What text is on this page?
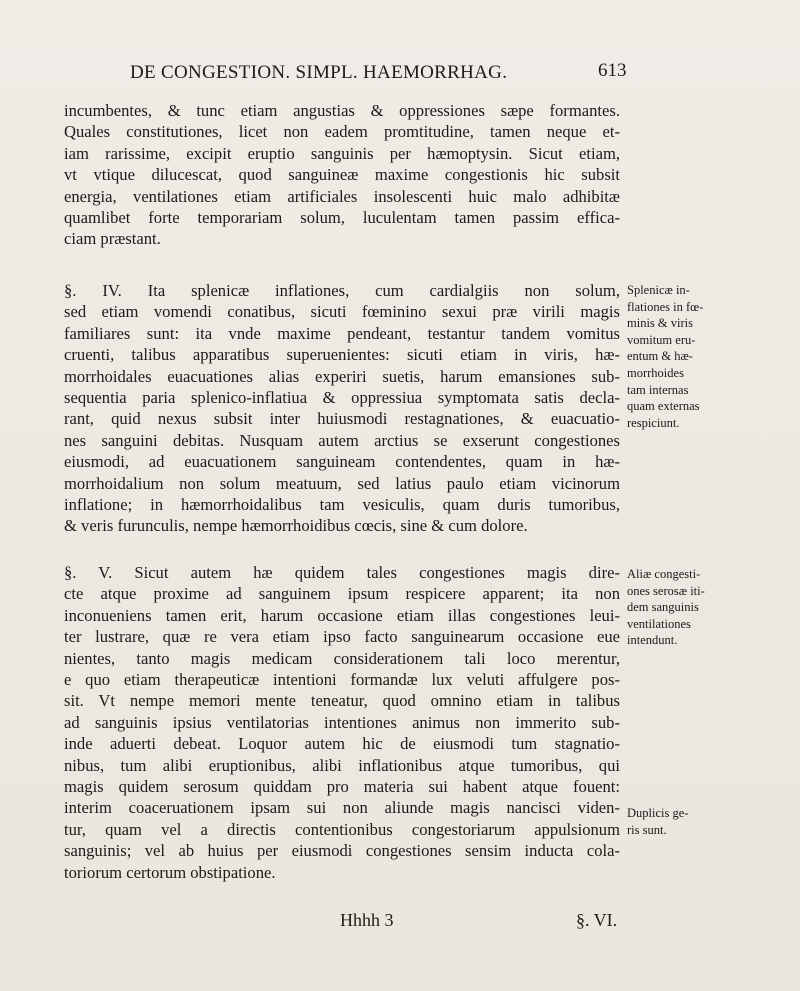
DE CONGESTION. SIMPL. HAEMORRHAG.	613
incumbentes, & tunc etiam angustias & oppressiones sæpe formantes.
Quales constitutiones, licet non eadem promtitudine, tamen neque et-
iam rarissime, excipit eruptio sanguinis per hæmoptysin. Sicut etiam,
vt vtique dilucescat, quod sanguineæ maxime congestionis hic subsit
energia, ventilationes etiam artificiales insolescenti huic malo adhibitæ
quamlibet forte temporariam solum, luculentam tamen passim effica-
ciam præstant.
§. IV. Ita splenicæ inflationes, cum cardialgiis non solum,
sed etiam vomendi conatibus, sicuti fœminino sexui præ virili magis
familiares sunt: ita vnde maxime pendeant, testantur tandem vomitus
cruenti, talibus apparatibus superuenientes: sicuti etiam in viris, hæ-
morrhoidales euacuationes alias experiri suetis, harum emansiones sub-
sequentia paria splenico-inflatiua & oppressiua symptomata satis decla-
rant, quid nexus subsit inter huiusmodi restagnationes, & euacuatio-
nes sanguini debitas. Nusquam autem arctius se exserunt congestiones
eiusmodi, ad euacuationem sanguineam contendentes, quam in hæ-
morrhoidalium non solum meatuum, sed latius paulo etiam vicinorum
inflatione; in hæmorrhoidalibus tam vesiculis, quam duris tumoribus,
& veris furunculis, nempe hæmorrhoidibus cœcis, sine & cum dolore.
§. V. Sicut autem hæ quidem tales congestiones magis dire-
cte atque proxime ad sanguinem ipsum respicere apparent; ita non
inconueniens tamen erit, harum occasione etiam illas congestiones leui-
ter lustrare, quæ re vera etiam ipso facto sanguinearum occasione eue
nientes, tanto magis medicam considerationem tali loco merentur,
e quo etiam therapeuticæ intentioni formandæ lux veluti affulgere pos-
sit. Vt nempe memori mente teneatur, quod omnino etiam in talibus
ad sanguinis ipsius ventilatorias intentiones animus non immerito sub-
inde aduerti debeat. Loquor autem hic de eiusmodi tum stagnatio-
nibus, tum alibi eruptionibus, alibi inflationibus atque tumoribus, qui
magis quidem serosum quiddam pro materia sui habent atque fouent:
interim coaceruationem ipsam sui non aliunde magis nancisci viden-
tur, quam vel a directis contentionibus congestoriarum appulsionum
sanguinis; vel ab huius per eiusmodi congestiones sensim inducta cola-
toriorum certorum obstipatione.
Splenicæ in-
flationes in fœ-
minis & viris
vomitum eru-
entum & hæ-
morrhoides
tam internas
quam externas
respiciunt.
Aliæ congesti-
ones serosæ iti-
dem sanguinis
ventilationes
intendunt.
Duplicis ge-
ris sunt.
Hhhh 3	§. VI.
